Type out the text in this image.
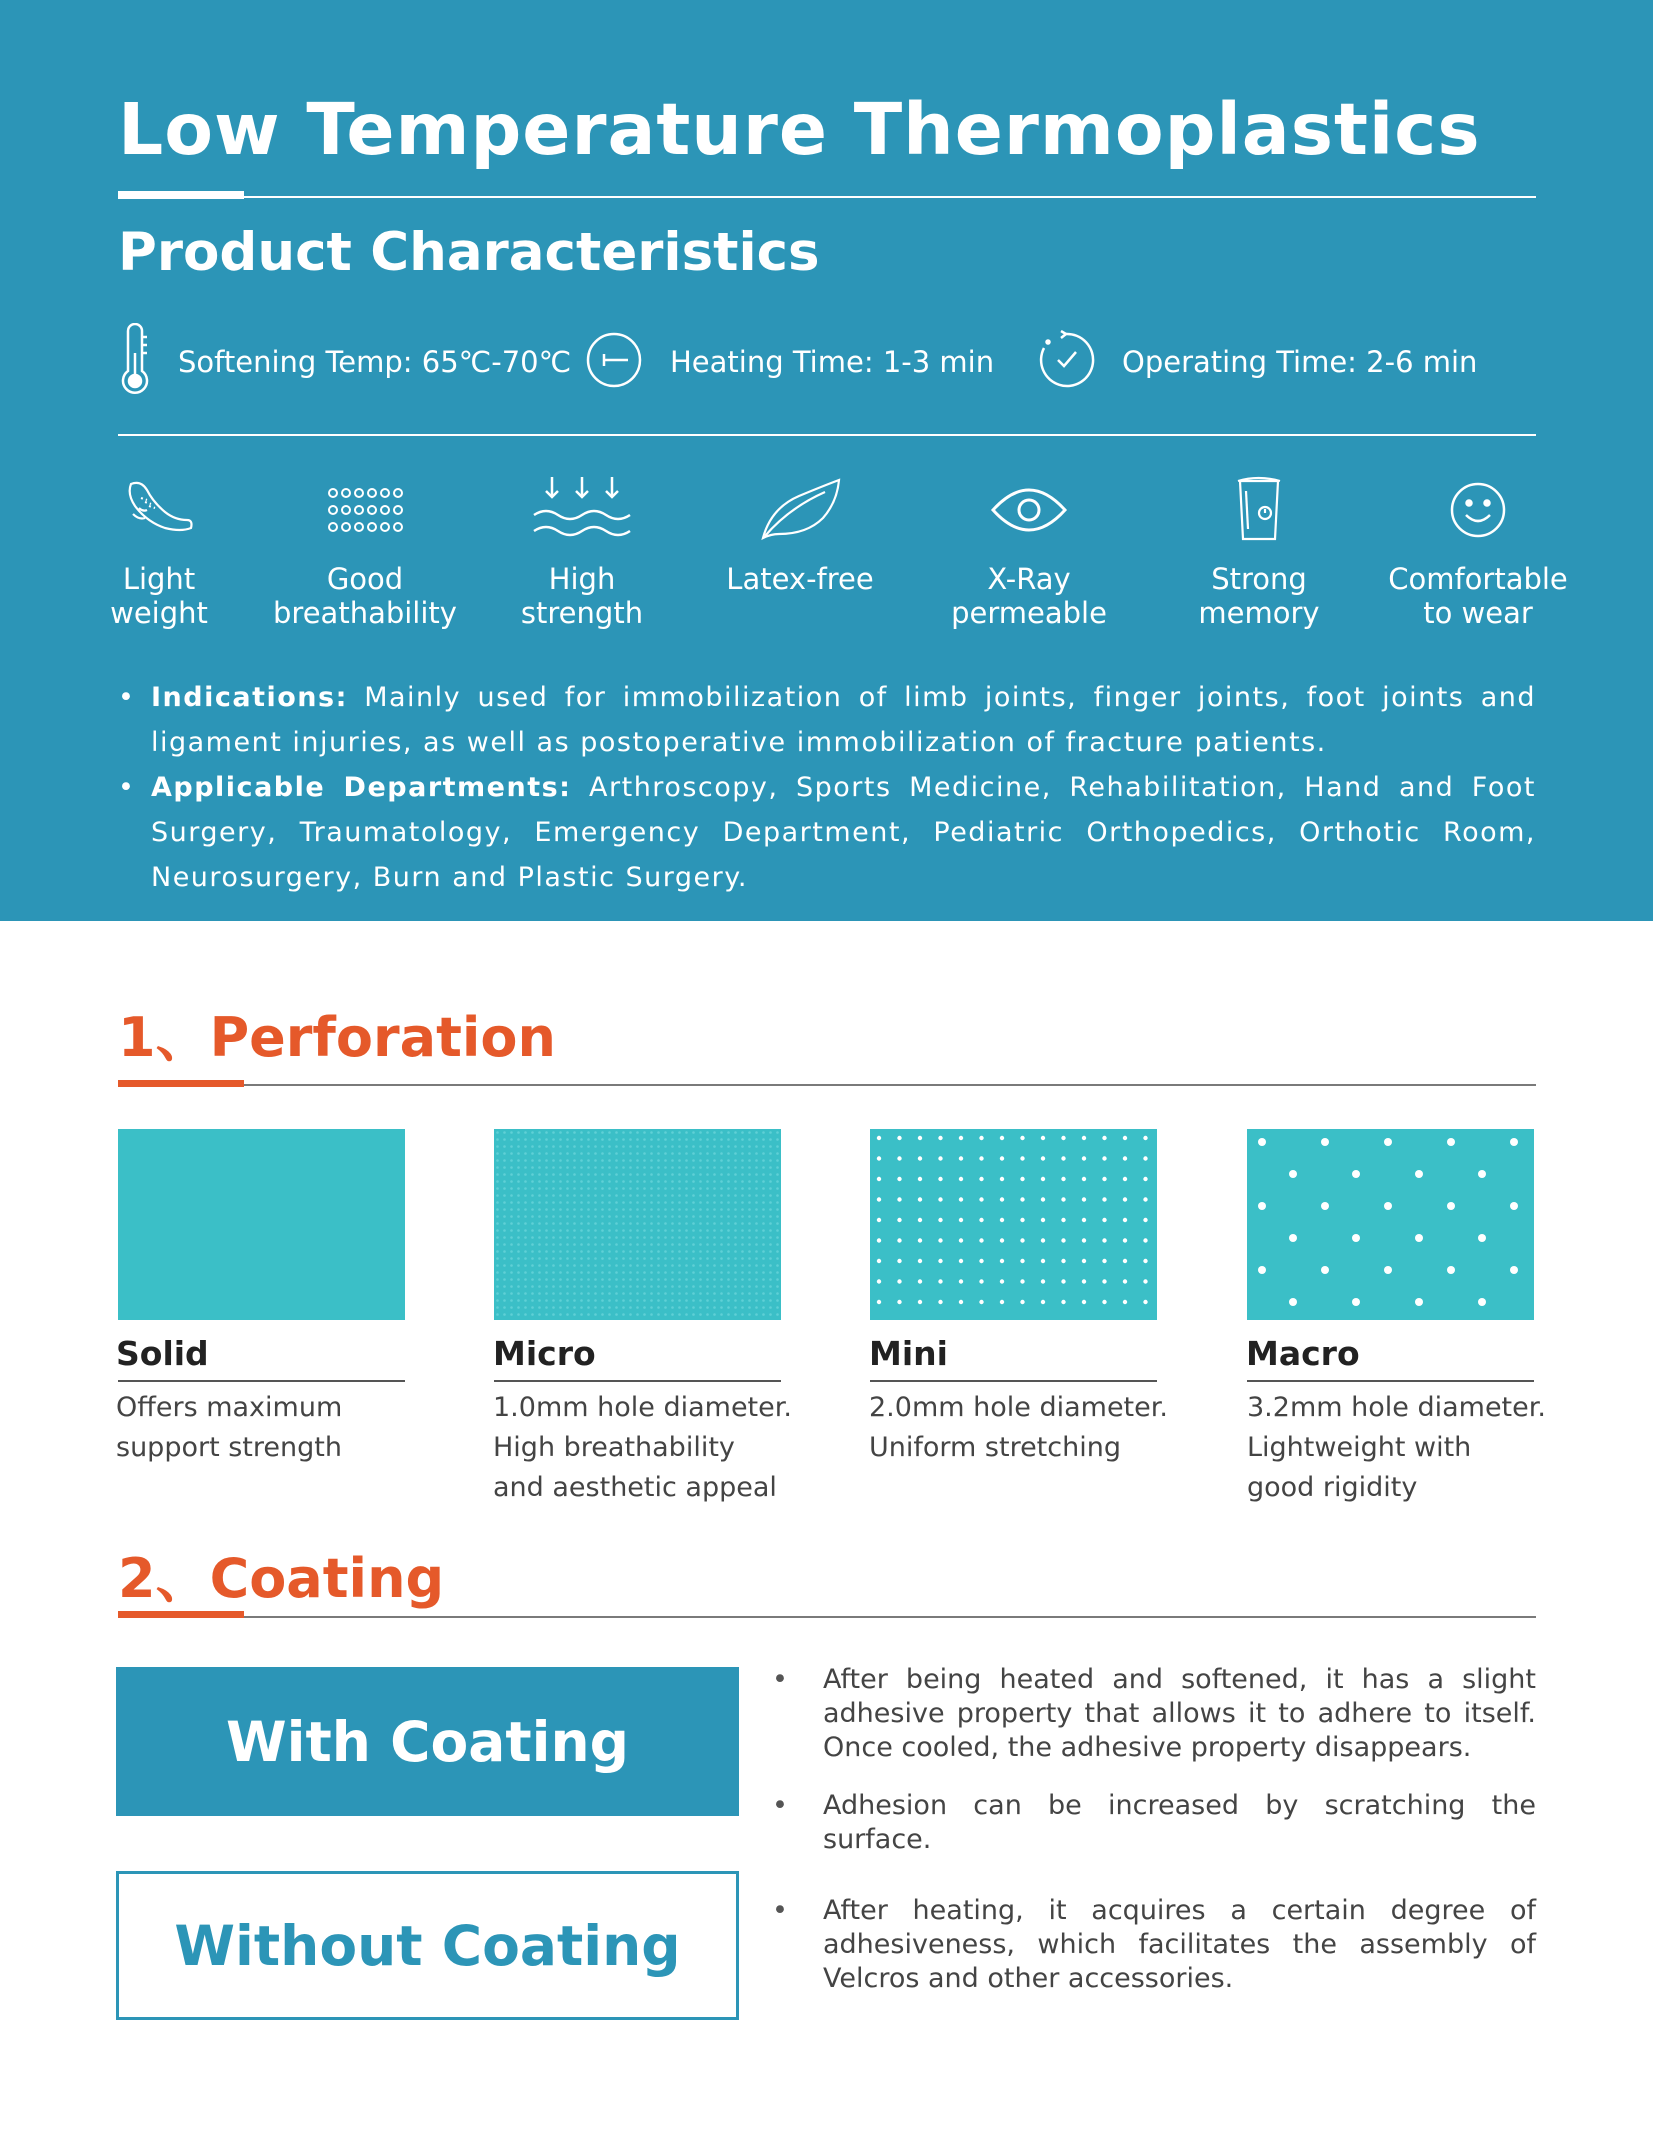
Low Temperature Thermoplastics
Product Characteristics
Softening Temp: 65℃-70℃	Heating Time: 1-3 min	Operating Time: 2-6 min
Light
weight
Good
breathability
High
strength
Latex-free	X-Ray
permeable
Strong memory
Comfortable
to wear
• Indications: Mainly used for immobilization of limb joints, finger joints, foot joints and ligament injuries, as well as postoperative immobilization of fracture patients.
• Applicable Departments: Arthroscopy, Sports Medicine, Rehabilitation, Hand and Foot Surgery, Traumatology, Emergency Department, Pediatric Orthopedics, Orthotic Room, Neurosurgery, Burn and Plastic Surgery.
1、Perforation
Solid
Offers maximum support strength
Micro
1.0mm hole diameter. High breathability and aesthetic appeal
Mini
2.0mm hole diameter. Uniform stretching
Macro
3.2mm hole diameter. Lightweight with good rigidity
2、Coating
With Coating
• After being heated and softened, it has a slight adhesive property that allows it to adhere to itself. Once cooled, the adhesive property disappears.
• Adhesion can be increased by scratching the surface.
Without Coating
• After heating, it acquires a certain degree of adhesiveness, which facilitates the assembly of Velcros and other accessories.
